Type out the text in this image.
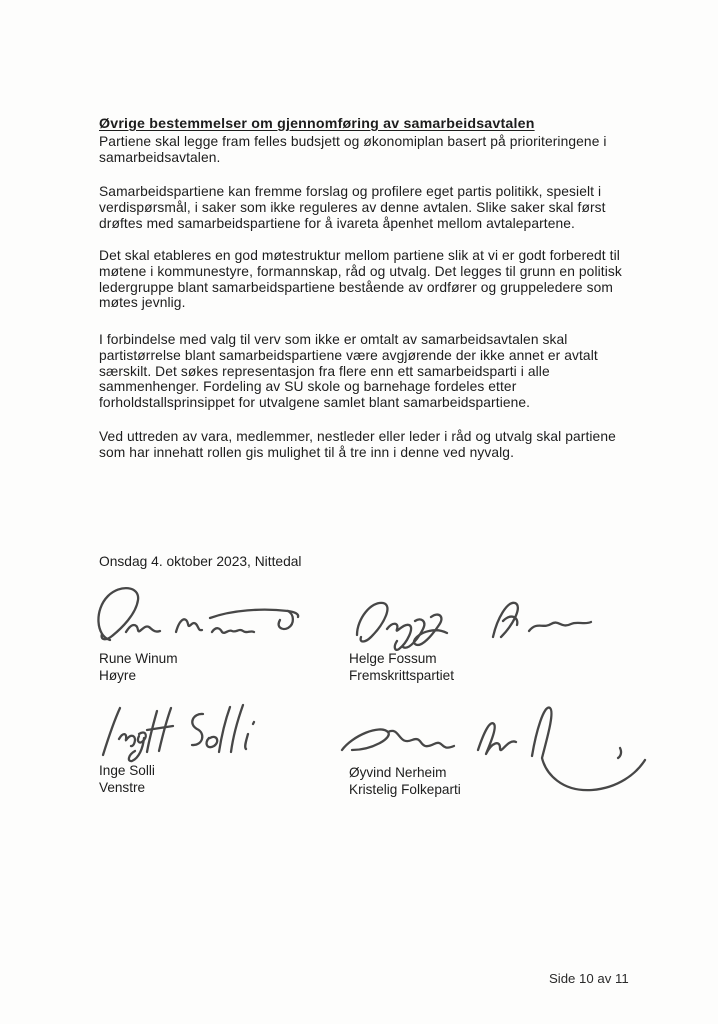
Øvrige bestemmelser om gjennomføring av samarbeidsavtalen
Partiene skal legge fram felles budsjett og økonomiplan basert på prioriteringene i
samarbeidsavtalen.
Samarbeidspartiene kan fremme forslag og profilere eget partis politikk, spesielt i
verdispørsmål, i saker som ikke reguleres av denne avtalen. Slike saker skal først
drøftes med samarbeidspartiene for å ivareta åpenhet mellom avtalepartene.
Det skal etableres en god møtestruktur mellom partiene slik at vi er godt forberedt til
møtene i kommunestyre, formannskap, råd og utvalg. Det legges til grunn en politisk
ledergruppe blant samarbeidspartiene bestående av ordfører og gruppeledere som
møtes jevnlig.
I forbindelse med valg til verv som ikke er omtalt av samarbeidsavtalen skal
partistørrelse blant samarbeidspartiene være avgjørende der ikke annet er avtalt
særskilt. Det søkes representasjon fra flere enn ett samarbeidsparti i alle
sammenhenger. Fordeling av SU skole og barnehage fordeles etter
forholdstallsprinsippet for utvalgene samlet blant samarbeidspartiene.
Ved uttreden av vara, medlemmer, nestleder eller leder i råd og utvalg skal partiene
som har innehatt rollen gis mulighet til å tre inn i denne ved nyvalg.
Onsdag 4. oktober 2023, Nittedal
Rune Winum
Høyre
Helge Fossum
Fremskrittspartiet
Inge Solli
Venstre
Øyvind Nerheim
Kristelig Folkeparti
Side 10 av 11
